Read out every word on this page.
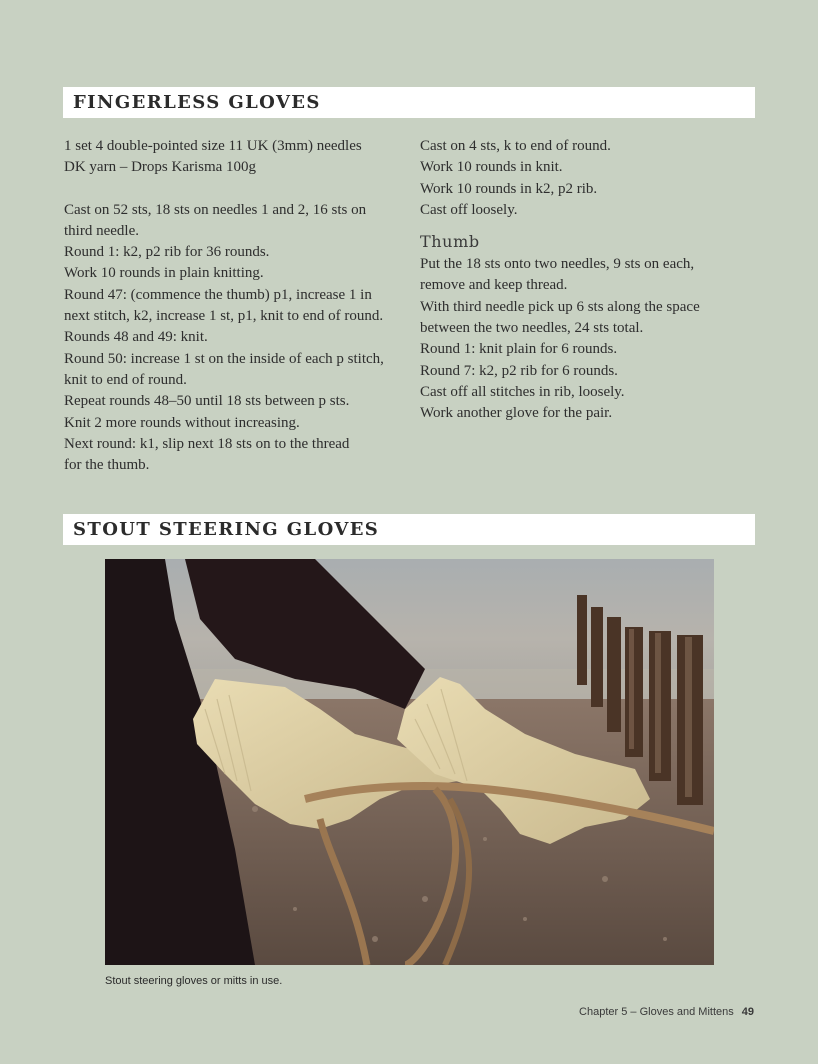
FINGERLESS GLOVES

1 set 4 double-pointed size 11 UK (3mm) needles

DK yarn – Drops Karisma 100g

Cast on 52 sts, 18 sts on needles 1 and 2, 16 sts on

third needle.

Round 1: k2, p2 rib for 36 rounds.

Work 10 rounds in plain knitting.

Round 47: (commence the thumb) p1, increase 1 in

next stitch, k2, increase 1 st, p1, knit to end of round.

Rounds 48 and 49: knit.

Round 50: increase 1 st on the inside of each p stitch,

knit to end of round.

Repeat rounds 48–50 until 18 sts between p sts.

Knit 2 more rounds without increasing.

Next round: k1, slip next 18 sts on to the thread

for the thumb.

Cast on 4 sts, k to end of round.

Work 10 rounds in knit.

Work 10 rounds in k2, p2 rib.

Cast off loosely.

Thumb

Put the 18 sts onto two needles, 9 sts on each,

remove and keep thread.

With third needle pick up 6 sts along the space

between the two needles, 24 sts total.

Round 1: knit plain for 6 rounds.

Round 7: k2, p2 rib for 6 rounds.

Cast off all stitches in rib, loosely.

Work another glove for the pair.

STOUT STEERING GLOVES
Stout steering gloves or mitts in use.
Chapter 5 – Gloves and Mittens 49
